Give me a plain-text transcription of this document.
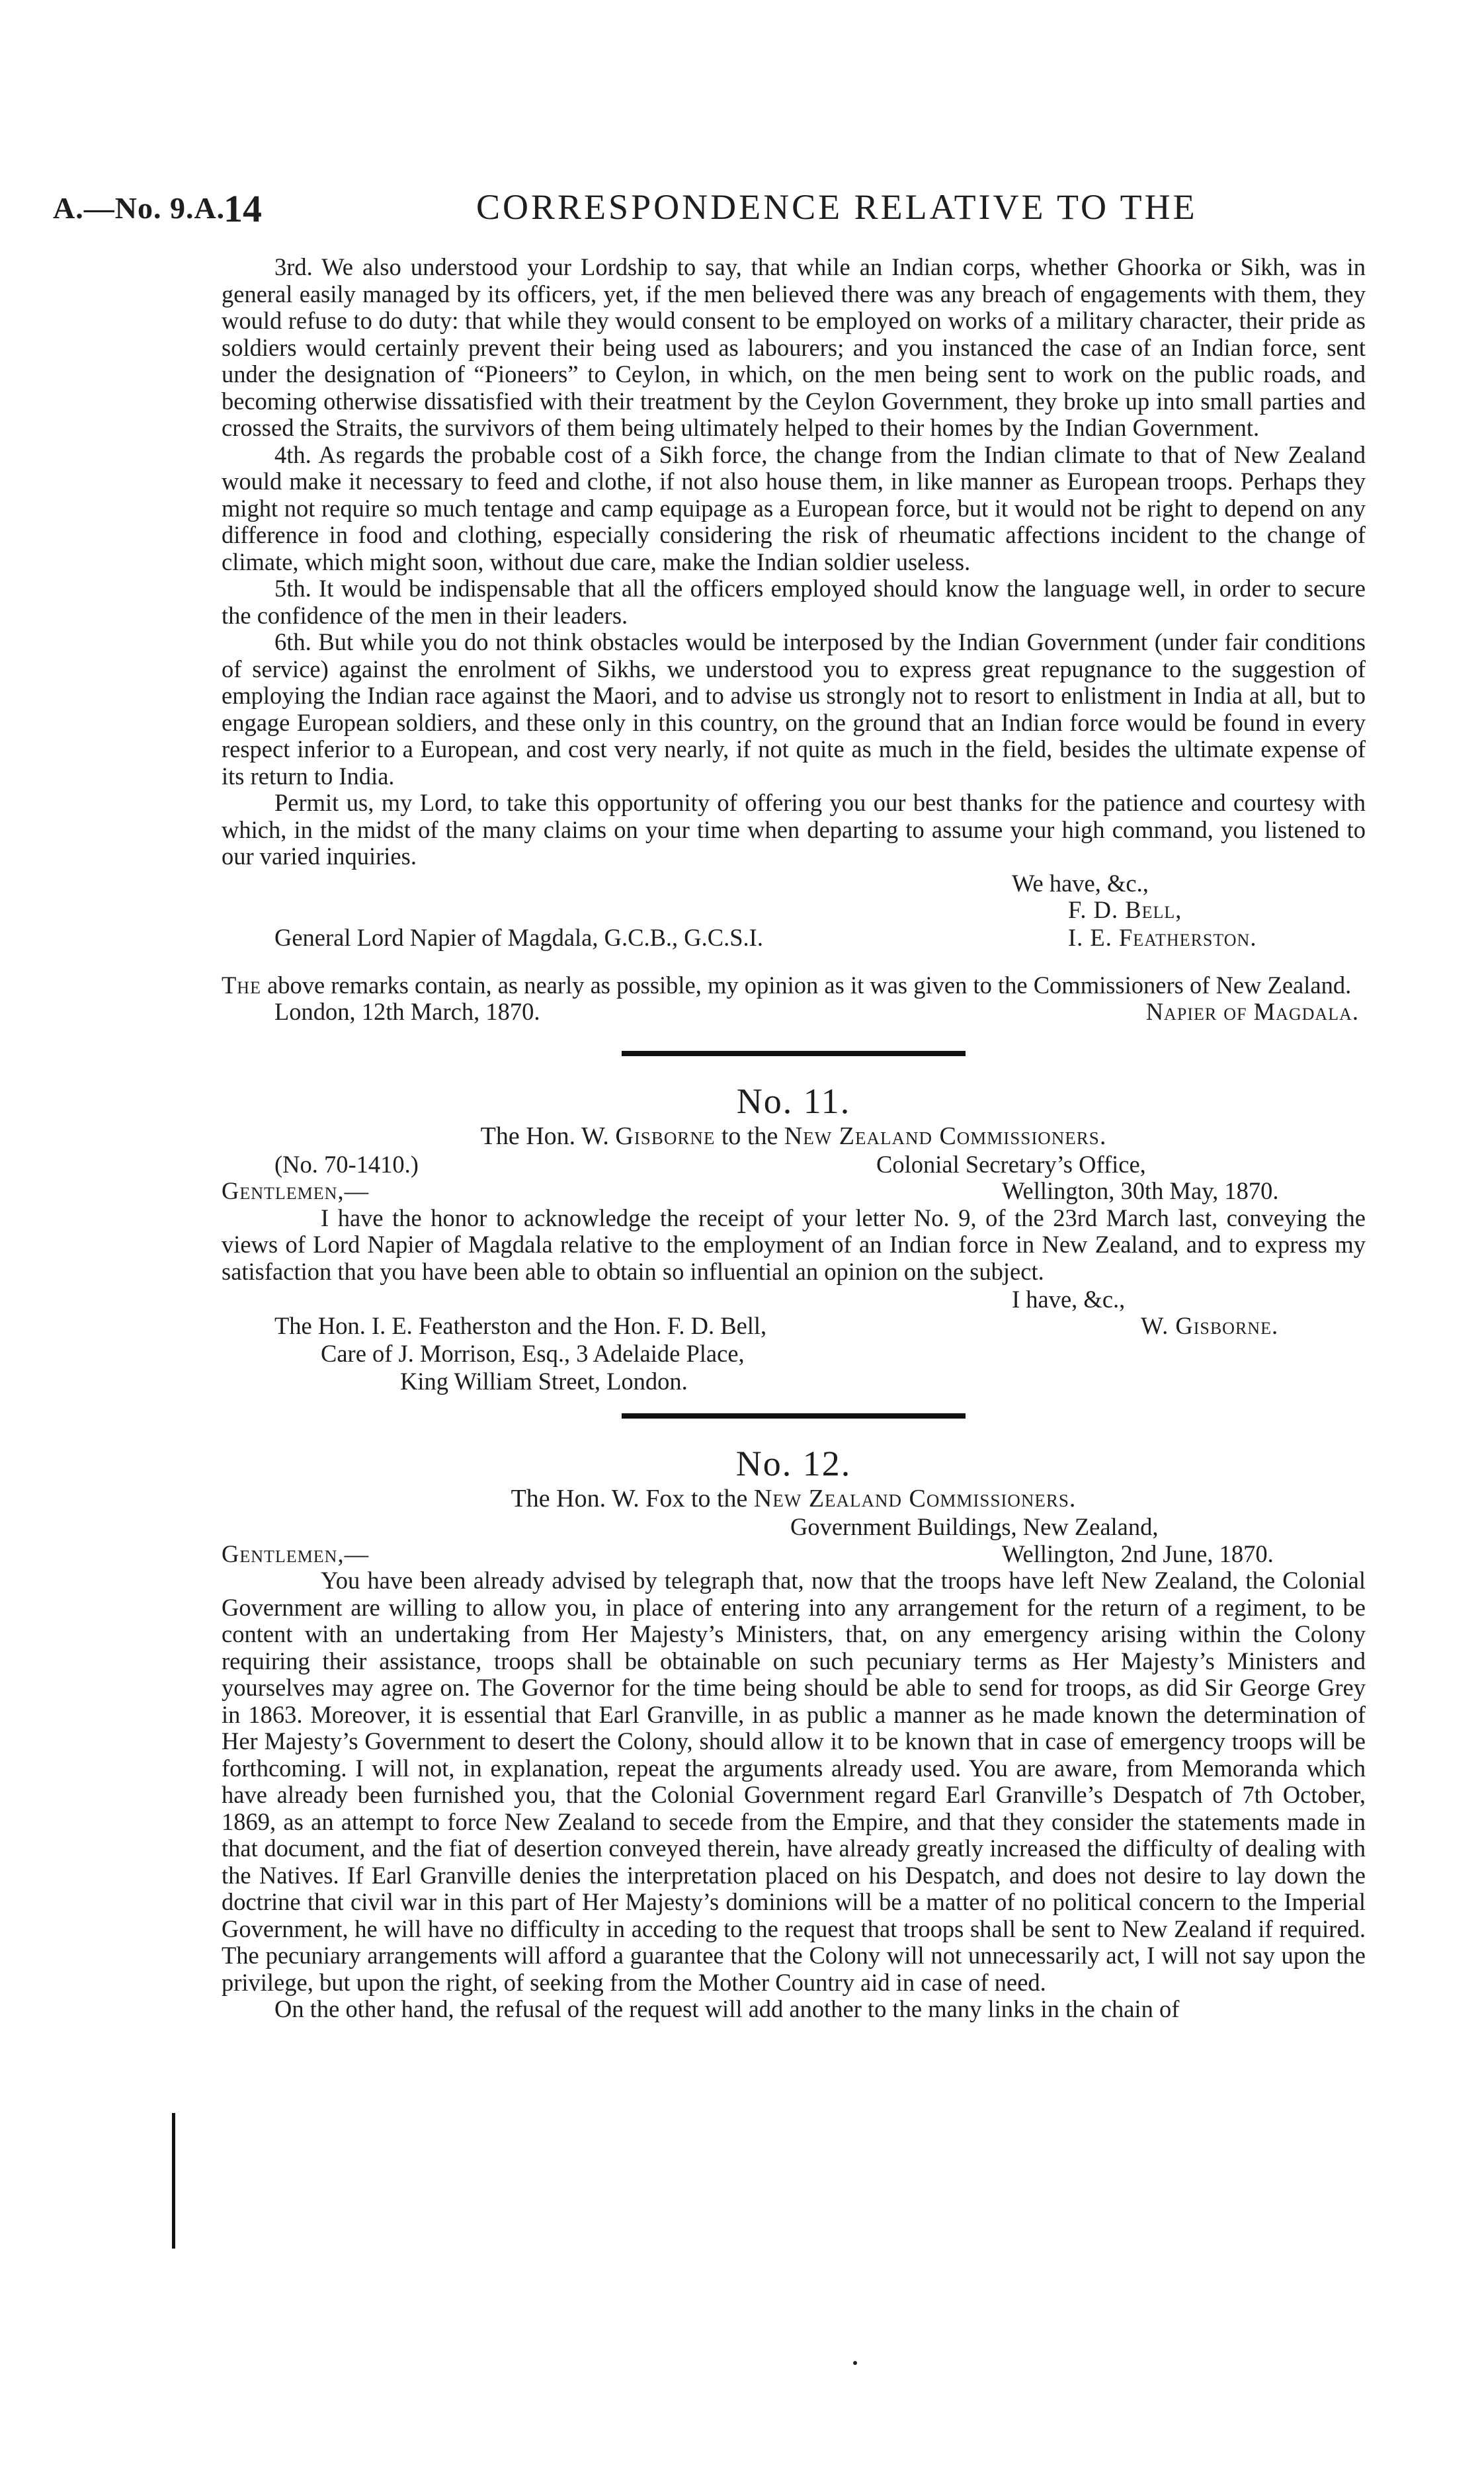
A.—No. 9.A.
14	CORRESPONDENCE RELATIVE TO THE

3rd. We also understood your Lordship to say, that while an Indian corps, whether Ghoorka or Sikh, was in general easily managed by its officers, yet, if the men believed there was any breach of engagements with them, they would refuse to do duty: that while they would consent to be employed on works of a military character, their pride as soldiers would certainly prevent their being used as labourers; and you instanced the case of an Indian force, sent under the designation of “Pioneers” to Ceylon, in which, on the men being sent to work on the public roads, and becoming otherwise dissatisfied with their treatment by the Ceylon Government, they broke up into small parties and crossed the Straits, the survivors of them being ultimately helped to their homes by the Indian Government.

4th. As regards the probable cost of a Sikh force, the change from the Indian climate to that of New Zealand would make it necessary to feed and clothe, if not also house them, in like manner as European troops. Perhaps they might not require so much tentage and camp equipage as a European force, but it would not be right to depend on any difference in food and clothing, especially considering the risk of rheumatic affections incident to the change of climate, which might soon, without due care, make the Indian soldier useless.

5th. It would be indispensable that all the officers employed should know the language well, in order to secure the confidence of the men in their leaders.

6th. But while you do not think obstacles would be interposed by the Indian Government (under fair conditions of service) against the enrolment of Sikhs, we understood you to express great repugnance to the suggestion of employing the Indian race against the Maori, and to advise us strongly not to resort to enlistment in India at all, but to engage European soldiers, and these only in this country, on the ground that an Indian force would be found in every respect inferior to a European, and cost very nearly, if not quite as much in the field, besides the ultimate expense of its return to India.

Permit us, my Lord, to take this opportunity of offering you our best thanks for the patience and courtesy with which, in the midst of the many claims on your time when departing to assume your high command, you listened to our varied inquiries.

We have, &c.,
F. D. Bell,
General Lord Napier of Magdala, G.C.B., G.C.S.I.	I. E. Featherston.

The above remarks contain, as nearly as possible, my opinion as it was given to the Commissioners of New Zealand.

London, 12th March, 1870.	Napier of Magdala.
No. 11.
The Hon. W. Gisborne to the New Zealand Commissioners.
(No. 70-1410.)	Colonial Secretary’s Office,
Gentlemen,—	Wellington, 30th May, 1870.

I have the honor to acknowledge the receipt of your letter No. 9, of the 23rd March last, conveying the views of Lord Napier of Magdala relative to the employment of an Indian force in New Zealand, and to express my satisfaction that you have been able to obtain so influential an opinion on the subject.

I have, &c.,
The Hon. I. E. Featherston and the Hon. F. D. Bell,	W. Gisborne.
Care of J. Morrison, Esq., 3 Adelaide Place,
King William Street, London.
No. 12.
The Hon. W. Fox to the New Zealand Commissioners.
Government Buildings, New Zealand,
Gentlemen,—	Wellington, 2nd June, 1870.

You have been already advised by telegraph that, now that the troops have left New Zealand, the Colonial Government are willing to allow you, in place of entering into any arrangement for the return of a regiment, to be content with an undertaking from Her Majesty’s Ministers, that, on any emergency arising within the Colony requiring their assistance, troops shall be obtainable on such pecuniary terms as Her Majesty’s Ministers and yourselves may agree on. The Governor for the time being should be able to send for troops, as did Sir George Grey in 1863. Moreover, it is essential that Earl Granville, in as public a manner as he made known the determination of Her Majesty’s Government to desert the Colony, should allow it to be known that in case of emergency troops will be forthcoming. I will not, in explanation, repeat the arguments already used. You are aware, from Memoranda which have already been furnished you, that the Colonial Government regard Earl Granville’s Despatch of 7th October, 1869, as an attempt to force New Zealand to secede from the Empire, and that they consider the statements made in that document, and the fiat of desertion conveyed therein, have already greatly increased the difficulty of dealing with the Natives. If Earl Granville denies the interpretation placed on his Despatch, and does not desire to lay down the doctrine that civil war in this part of Her Majesty’s dominions will be a matter of no political concern to the Imperial Government, he will have no difficulty in acceding to the request that troops shall be sent to New Zealand if required. The pecuniary arrangements will afford a guarantee that the Colony will not unnecessarily act, I will not say upon the privilege, but upon the right, of seeking from the Mother Country aid in case of need.

On the other hand, the refusal of the request will add another to the many links in the chain of
